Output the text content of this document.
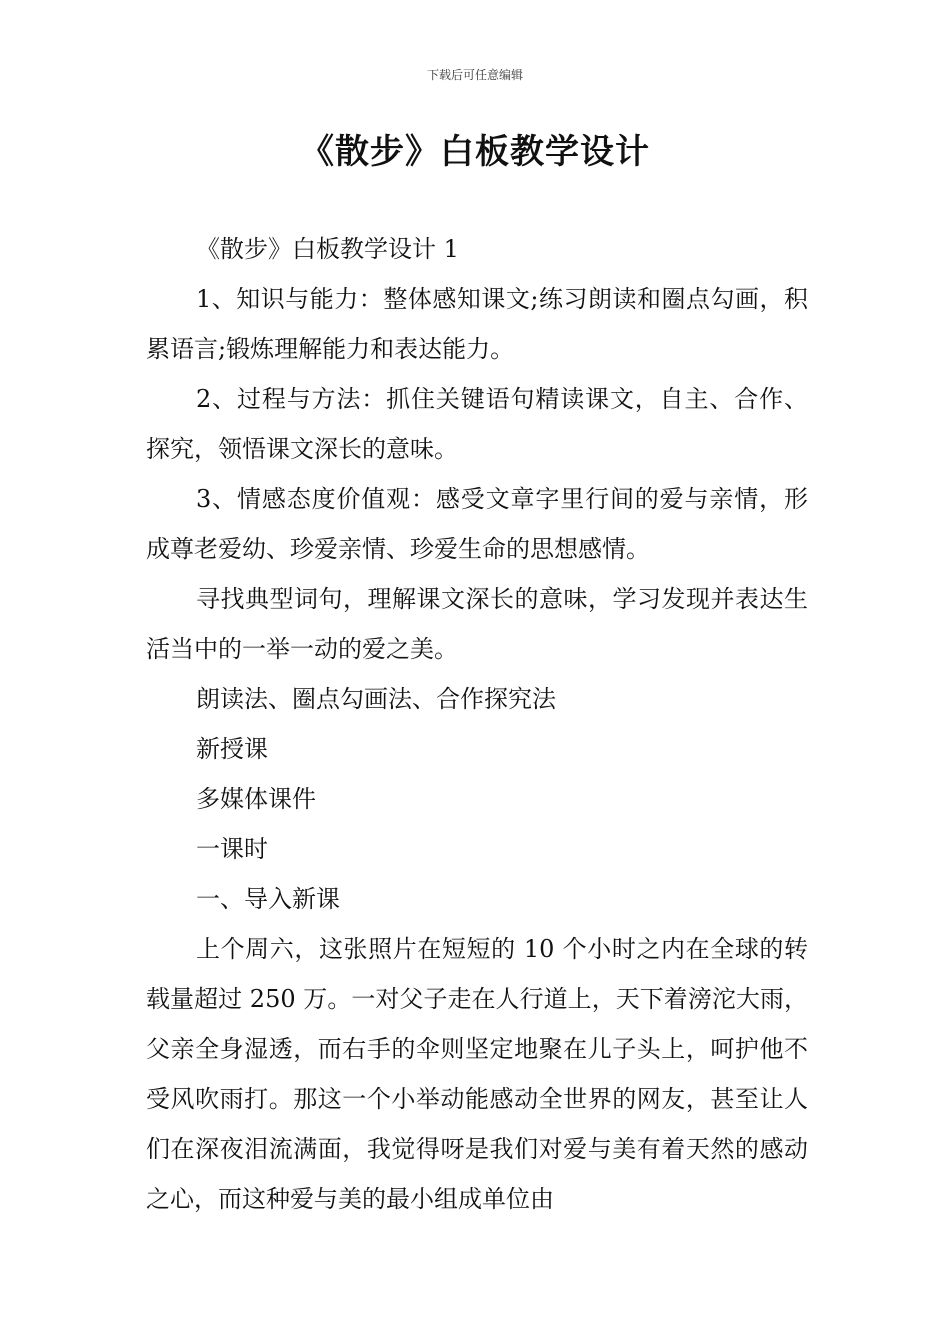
下载后可任意编辑
《散步》白板教学设计

《散步》白板教学设计 1

1、知识与能力：整体感知课文;练习朗读和圈点勾画，积累语言;锻炼理解能力和表达能力。

2、过程与方法：抓住关键语句精读课文，自主、合作、探究，领悟课文深长的意味。

3、情感态度价值观：感受文章字里行间的爱与亲情，形成尊老爱幼、珍爱亲情、珍爱生命的思想感情。

寻找典型词句，理解课文深长的意味，学习发现并表达生活当中的一举一动的爱之美。

朗读法、圈点勾画法、合作探究法

新授课

多媒体课件

一课时

一、导入新课

上个周六，这张照片在短短的 10 个小时之内在全球的转载量超过 250 万。一对父子走在人行道上，天下着滂沱大雨，父亲全身湿透，而右手的伞则坚定地聚在儿子头上，呵护他不受风吹雨打。那这一个小举动能感动全世界的网友，甚至让人们在深夜泪流满面，我觉得呀是我们对爱与美有着天然的感动之心，而这种爱与美的最小组成单位由
